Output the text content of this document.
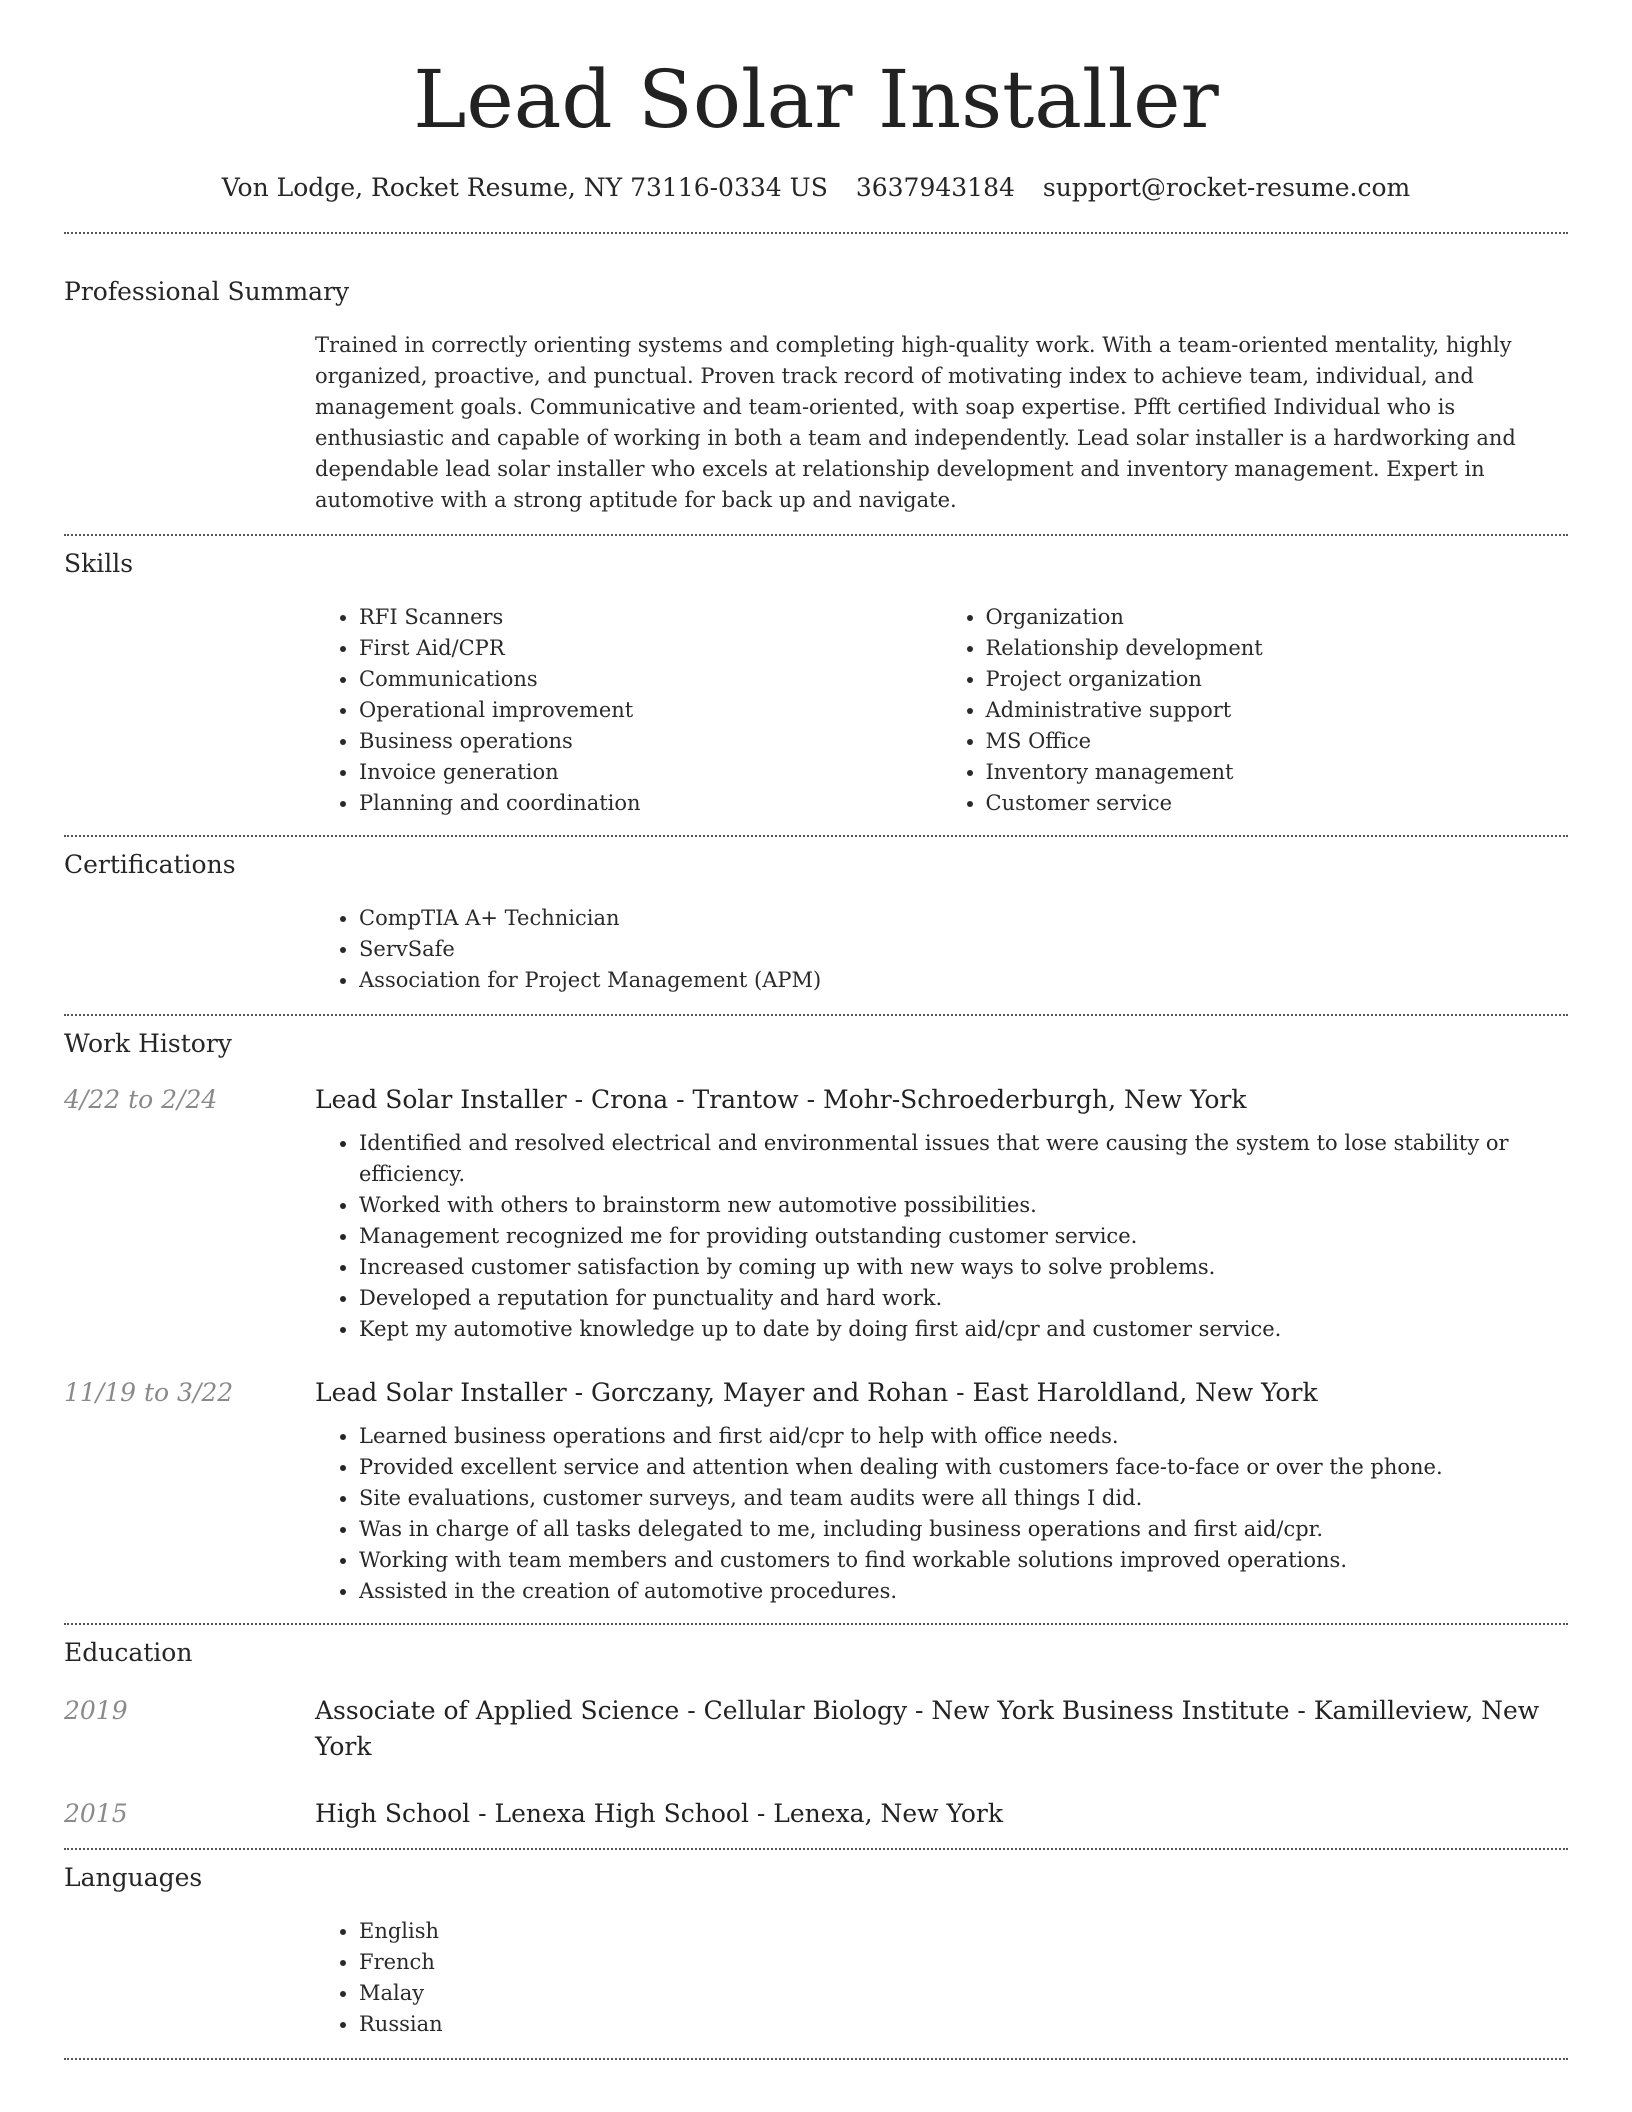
Lead Solar Installer
Von Lodge, Rocket Resume, NY 73116-0334 US 3637943184 support@rocket-resume.com
Professional Summary

Trained in correctly orienting systems and completing high-quality work. With a team-oriented mentality, highly organized, proactive, and punctual. Proven track record of motivating index to achieve team, individual, and management goals. Communicative and team-oriented, with soap expertise. Pfft certified Individual who is enthusiastic and capable of working in both a team and independently. Lead solar installer is a hardworking and dependable lead solar installer who excels at relationship development and inventory management. Expert in automotive with a strong aptitude for back up and navigate.

Skills
• RFI Scanners
• First Aid/CPR
• Communications
• Operational improvement
• Business operations
• Invoice generation
• Planning and coordination
• Organization
• Relationship development
• Project organization
• Administrative support
• MS Office
• Inventory management
• Customer service
Certifications
• CompTIA A+ Technician
• ServSafe
• Association for Project Management (APM)
Work History
4/22 to 2/24	Lead Solar Installer - Crona - Trantow - Mohr-Schroederburgh, New York
• Identified and resolved electrical and environmental issues that were causing the system to lose stability or efficiency.
• Worked with others to brainstorm new automotive possibilities.
• Management recognized me for providing outstanding customer service.
• Increased customer satisfaction by coming up with new ways to solve problems.
• Developed a reputation for punctuality and hard work.
• Kept my automotive knowledge up to date by doing first aid/cpr and customer service.
11/19 to 3/22	Lead Solar Installer - Gorczany, Mayer and Rohan - East Haroldland, New York
• Learned business operations and first aid/cpr to help with office needs.
• Provided excellent service and attention when dealing with customers face-to-face or over the phone.
• Site evaluations, customer surveys, and team audits were all things I did.
• Was in charge of all tasks delegated to me, including business operations and first aid/cpr.
• Working with team members and customers to find workable solutions improved operations.
• Assisted in the creation of automotive procedures.
Education
2019	Associate of Applied Science - Cellular Biology - New York Business Institute - Kamilleview, New York
2015	High School - Lenexa High School - Lenexa, New York
Languages
• English
• French
• Malay
• Russian
